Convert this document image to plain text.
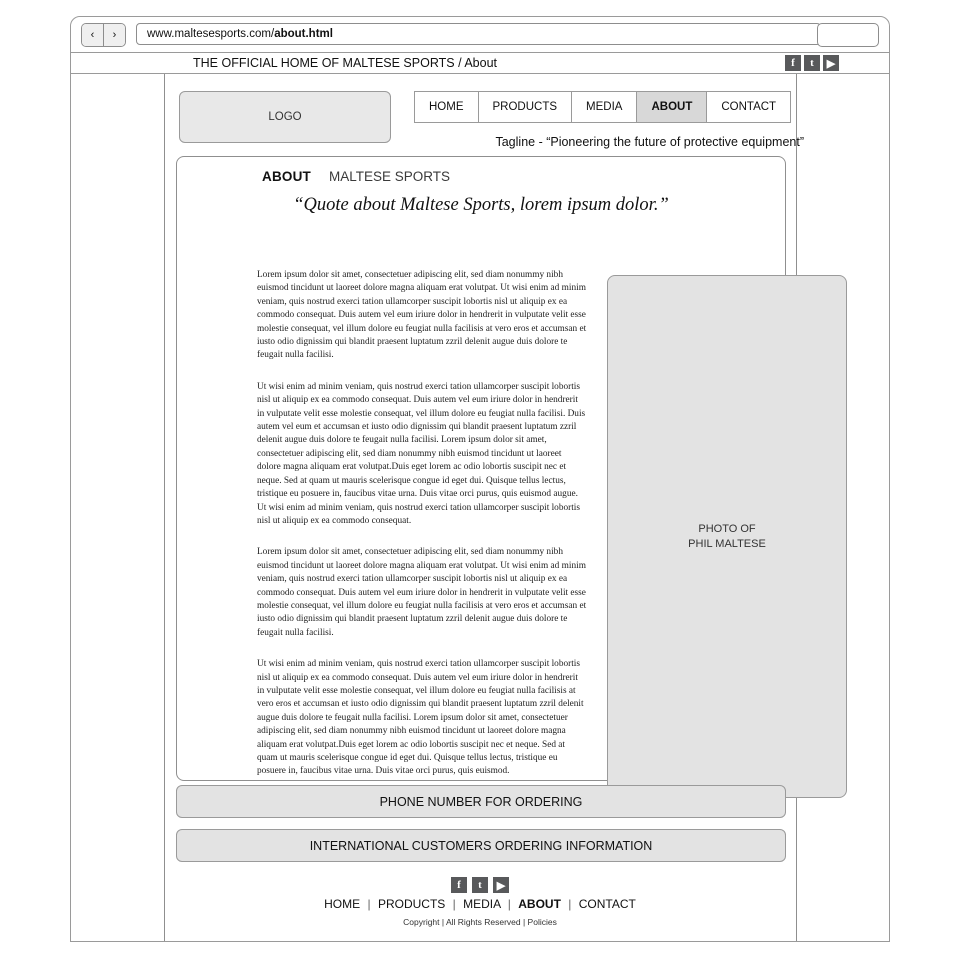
‹	›	www.maltesesports.com/ about.html
THE OFFICIAL HOME OF MALTESE SPORTS / About	f	t	▶
LOGO
HOME	PRODUCTS	MEDIA	ABOUT	CONTACT
Tagline - “Pioneering the future of protective equipment”
ABOUT MALTESE SPORTS
“Quote about Maltese Sports, lorem ipsum dolor.”

Lorem ipsum dolor sit amet, consectetuer adipiscing elit, sed diam nonummy nibh euismod tincidunt ut laoreet dolore magna aliquam erat volutpat. Ut wisi enim ad minim veniam, quis nostrud exerci tation ullamcorper suscipit lobortis nisl ut aliquip ex ea commodo consequat. Duis autem vel eum iriure dolor in hendrerit in vulputate velit esse molestie consequat, vel illum dolore eu feugiat nulla facilisis at vero eros et accumsan et iusto odio dignissim qui blandit praesent luptatum zzril delenit augue duis dolore te feugait nulla facilisi.

Ut wisi enim ad minim veniam, quis nostrud exerci tation ullamcorper suscipit lobortis nisl ut aliquip ex ea commodo consequat. Duis autem vel eum iriure dolor in hendrerit in vulputate velit esse molestie consequat, vel illum dolore eu feugiat nulla facilisi. Duis autem vel eum et accumsan et iusto odio dignissim qui blandit praesent luptatum zzril delenit augue duis dolore te feugait nulla facilisi. Lorem ipsum dolor sit amet, consectetuer adipiscing elit, sed diam nonummy nibh euismod tincidunt ut laoreet dolore magna aliquam erat volutpat.Duis eget lorem ac odio lobortis suscipit nec et neque. Sed at quam ut mauris scelerisque congue id eget dui. Quisque tellus lectus, tristique eu posuere in, faucibus vitae urna. Duis vitae orci purus, quis euismod augue. Ut wisi enim ad minim veniam, quis nostrud exerci tation ullamcorper suscipit lobortis nisl ut aliquip ex ea commodo consequat.

Lorem ipsum dolor sit amet, consectetuer adipiscing elit, sed diam nonummy nibh euismod tincidunt ut laoreet dolore magna aliquam erat volutpat. Ut wisi enim ad minim veniam, quis nostrud exerci tation ullamcorper suscipit lobortis nisl ut aliquip ex ea commodo consequat. Duis autem vel eum iriure dolor in hendrerit in vulputate velit esse molestie consequat, vel illum dolore eu feugiat nulla facilisis at vero eros et accumsan et iusto odio dignissim qui blandit praesent luptatum zzril delenit augue duis dolore te feugait nulla facilisi.

Ut wisi enim ad minim veniam, quis nostrud exerci tation ullamcorper suscipit lobortis nisl ut aliquip ex ea commodo consequat. Duis autem vel eum iriure dolor in hendrerit in vulputate velit esse molestie consequat, vel illum dolore eu feugiat nulla facilisis at vero eros et accumsan et iusto odio dignissim qui blandit praesent luptatum zzril delenit augue duis dolore te feugait nulla facilisi. Lorem ipsum dolor sit amet, consectetuer adipiscing elit, sed diam nonummy nibh euismod tincidunt ut laoreet dolore magna aliquam erat volutpat.Duis eget lorem ac odio lobortis suscipit nec et neque. Sed at quam ut mauris scelerisque congue id eget dui. Quisque tellus lectus, tristique eu posuere in, faucibus vitae urna. Duis vitae orci purus, quis euismod.

PHOTO OF
PHIL MALTESE
PHONE NUMBER FOR ORDERING
INTERNATIONAL CUSTOMERS ORDERING INFORMATION
f	t	▶
HOME | PRODUCTS | MEDIA | ABOUT | CONTACT
Copyright | All Rights Reserved | Policies
